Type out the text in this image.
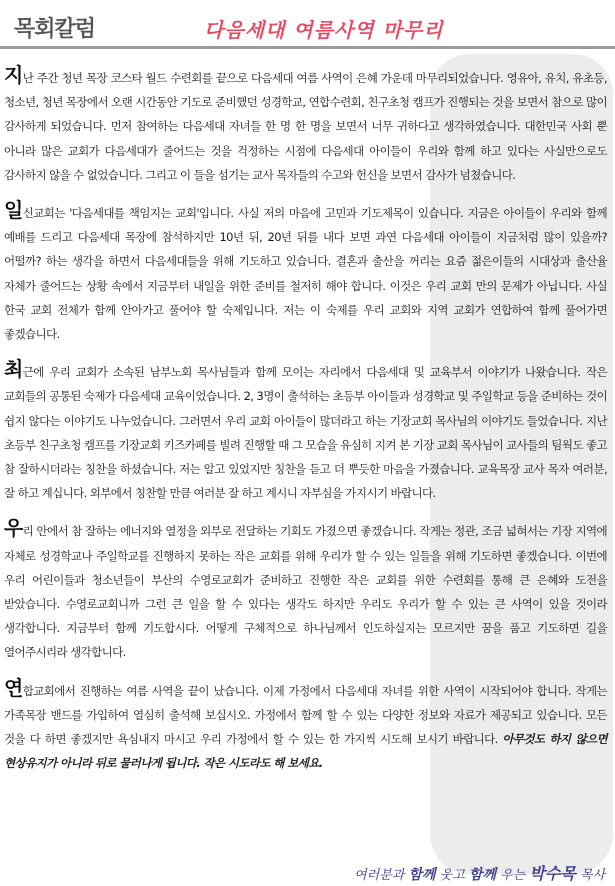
목회칼럼	다음세대 여름사역 마무리

지난 주간 청년 목장 코스타 월드 수련회를 끝으로 다음세대 여름 사역이 은혜 가운데 마무리되었습니다. 영유아, 유치, 유초등, 청소년, 청년 목장에서 오랜 시간동안 기도로 준비했던 성경학교, 연합수련회, 친구초청 캠프가 진행되는 것을 보면서 참으로 많이 감사하게 되었습니다. 먼저 참여하는 다음세대 자녀들 한 명 한 명을 보면서 너무 귀하다고 생각하였습니다. 대한민국 사회 뿐 아니라 많은 교회가 다음세대가 줄어드는 것을 걱정하는 시점에 다음세대 아이들이 우리와 함께 하고 있다는 사실만으로도 감사하지 않을 수 없었습니다. 그리고 이 들을 섬기는 교사 목자들의 수고와 헌신을 보면서 감사가 넘쳤습니다.

일신교회는 '다음세대를 책임지는 교회'입니다. 사실 저의 마음에 고민과 기도제목이 있습니다. 지금은 아이들이 우리와 함께 예배를 드리고 다음세대 목장에 참석하지만 10년 뒤, 20년 뒤를 내다 보면 과연 다음세대 아이들이 지금처럼 많이 있을까? 어떨까? 하는 생각을 하면서 다음세대들을 위해 기도하고 있습니다. 결혼과 출산을 꺼리는 요즘 젊은이들의 시대상과 출산율 자체가 줄어드는 상황 속에서 지금부터 내일을 위한 준비를 철저히 해야 합니다. 이것은 우리 교회 만의 문제가 아닙니다. 사실 한국 교회 전체가 함께 안아가고 풀어야 할 숙제입니다. 저는 이 숙제를 우리 교회와 지역 교회가 연합하여 함께 풀어가면 좋겠습니다.

최근에 우리 교회가 소속된 남부노회 목사님들과 함께 모이는 자리에서 다음세대 및 교육부서 이야기가 나왔습니다. 작은 교회들의 공통된 숙제가 다음세대 교육이었습니다. 2, 3명이 출석하는 초등부 아이들과 성경학교 및 주일학교 등을 준비하는 것이 쉽지 않다는 이야기도 나누었습니다. 그러면서 우리 교회 아이들이 많더라고 하는 기장교회 목사님의 이야기도 들었습니다. 지난 초등부 친구초청 캠프를 기장교회 키즈카페를 빌려 진행할 때 그 모습을 유심히 지켜 본 기장 교회 목사님이 교사들의 팀웍도 좋고 참 잘하시더라는 칭찬을 하셨습니다. 저는 알고 있었지만 칭찬을 듣고 더 뿌듯한 마음을 가졌습니다. 교육목장 교사 목자 여러분, 잘 하고 계십니다. 외부에서 칭찬할 만큼 여러분 잘 하고 계시니 자부심을 가지시기 바랍니다.

우리 안에서 참 잘하는 에너지와 열정을 외부로 전달하는 기회도 가졌으면 좋겠습니다. 작게는 정관, 조금 넓혀서는 기장 지역에 자체로 성경학교나 주일학교를 진행하지 못하는 작은 교회를 위해 우리가 할 수 있는 일들을 위해 기도하면 좋겠습니다. 이번에 우리 어린이들과 청소년들이 부산의 수영로교회가 준비하고 진행한 작은 교회를 위한 수련회를 통해 큰 은혜와 도전을 받았습니다. 수영로교회니까 그런 큰 일을 할 수 있다는 생각도 하지만 우리도 우리가 할 수 있는 큰 사역이 있을 것이라 생각합니다. 지금부터 함께 기도합시다. 어떻게 구체적으로 하나님께서 인도하실지는 모르지만 꿈을 품고 기도하면 길을 열어주시리라 생각합니다.

연합교회에서 진행하는 여름 사역을 끝이 났습니다. 이제 가정에서 다음세대 자녀를 위한 사역이 시작되어야 합니다. 작게는 가족목장 밴드를 가입하여 열심히 출석해 보십시오. 가정에서 함께 할 수 있는 다양한 정보와 자료가 제공되고 있습니다. 모든 것을 다 하면 좋겠지만 욕심내지 마시고 우리 가정에서 할 수 있는 한 가지씩 시도해 보시기 바랍니다. 아무것도 하지 않으면 현상유지가 아니라 뒤로 물러나게 됩니다. 작은 시도라도 해 보세요.

여러분과 함께 웃고 함께 우는 박수목 목사
